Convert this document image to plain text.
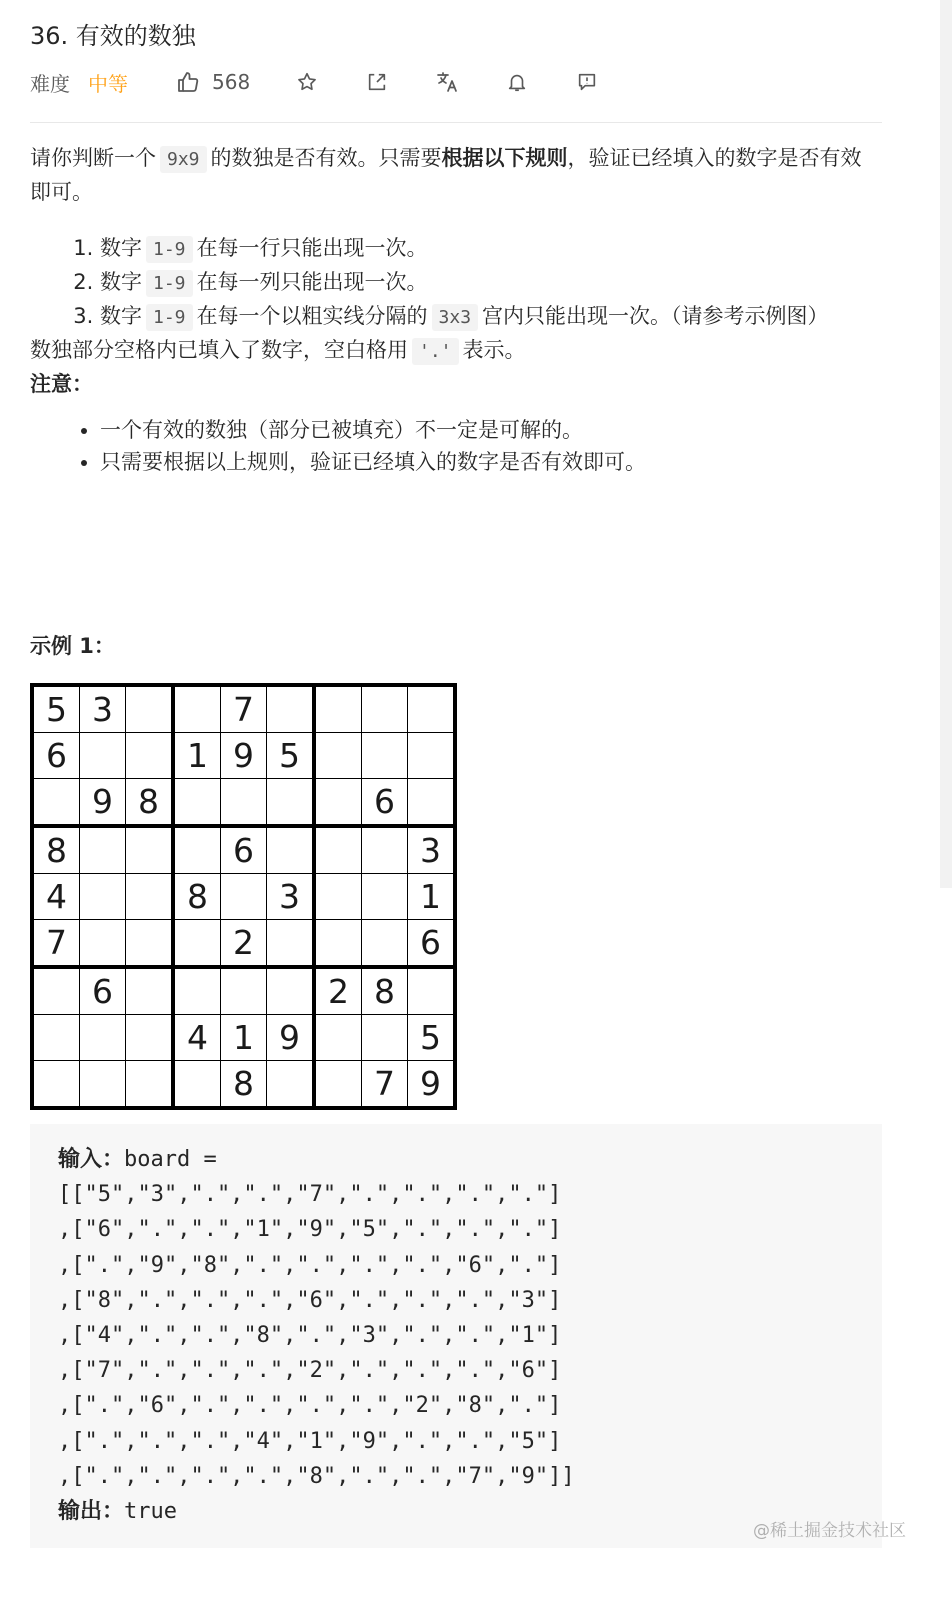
36. 有效的数独
难度 中等	568

请你判断一个 9x9 的数独是否有效。只需要根据以下规则，验证已经填入的数字是否有效即可。

1. 数字 1-9 在每一行只能出现一次。
2. 数字 1-9 在每一列只能出现一次。
3. 数字 1-9 在每一个以粗实线分隔的 3x3 宫内只能出现一次。（请参考示例图）

数独部分空格内已填入了数字，空白格用 '.' 表示。

注意：

• 一个有效的数独（部分已被填充）不一定是可解的。
• 只需要根据以上规则，验证已经填入的数字是否有效即可。
示例 1：
5	3			7				
6			1	9	5			
	9	8					6	
8				6				3
4			8		3			1
7				2				6
	6					2	8	
			4	1	9			5
				8			7	9
输入：board =
[["5","3",".",".","7",".",".",".","."]
,["6",".",".","1","9","5",".",".","."]
,[".","9","8",".",".",".",".","6","."]
,["8",".",".",".","6",".",".",".","3"]
,["4",".",".","8",".","3",".",".","1"]
,["7",".",".",".","2",".",".",".","6"]
,[".","6",".",".",".",".","2","8","."]
,[".",".",".","4","1","9",".",".","5"]
,[".",".",".",".","8",".",".","7","9"]]
输出：true
@稀土掘金技术社区
